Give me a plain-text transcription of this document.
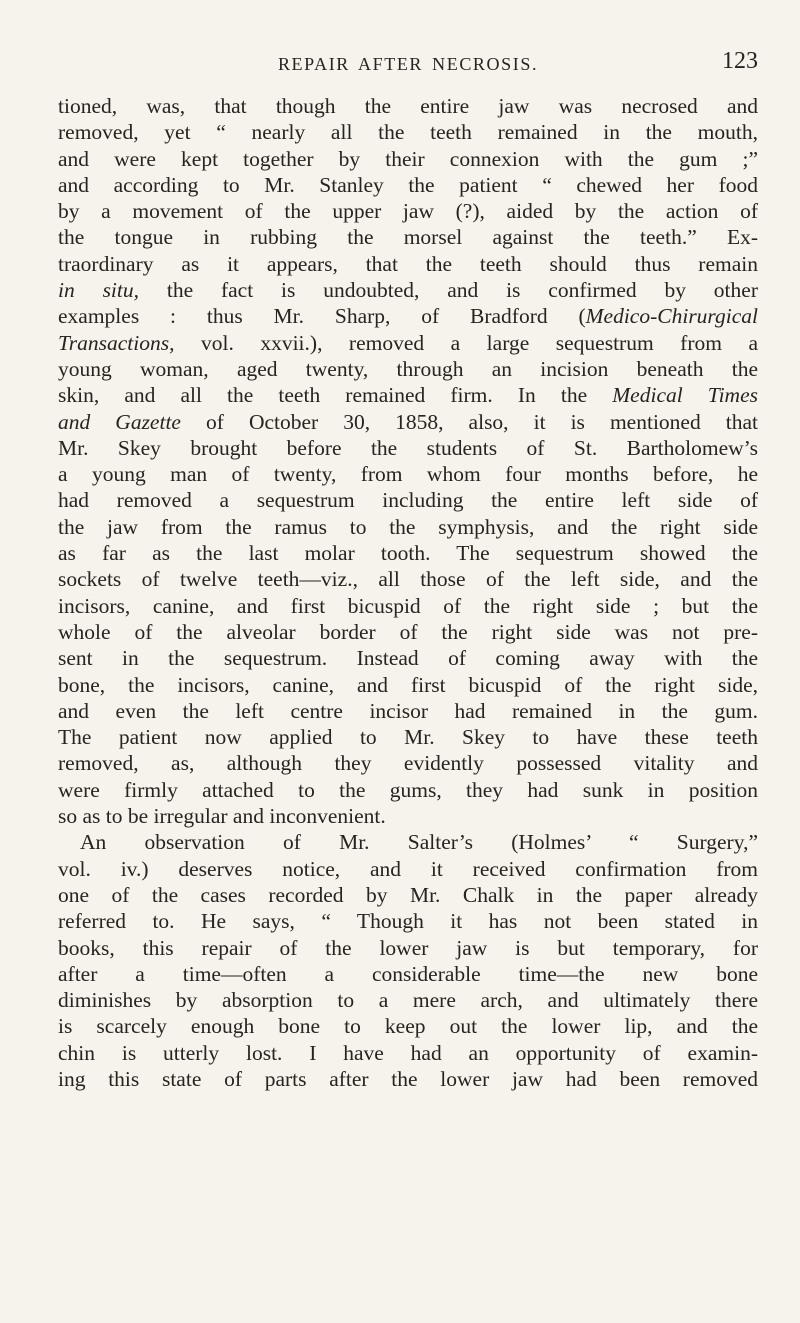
REPAIR AFTER NECROSIS.	123
tioned, was, that though the entire jaw was necrosed and
removed, yet “ nearly all the teeth remained in the mouth,
and were kept together by their connexion with the gum ;”
and according to Mr. Stanley the patient “ chewed her food
by a movement of the upper jaw (?), aided by the action of
the tongue in rubbing the morsel against the teeth.” Ex-
traordinary as it appears, that the teeth should thus remain
in situ, the fact is undoubted, and is confirmed by other
examples : thus Mr. Sharp, of Bradford (Medico-Chirurgical
Transactions, vol. xxvii.), removed a large sequestrum from a
young woman, aged twenty, through an incision beneath the
skin, and all the teeth remained firm. In the Medical Times
and Gazette of October 30, 1858, also, it is mentioned that
Mr. Skey brought before the students of St. Bartholomew’s
a young man of twenty, from whom four months before, he
had removed a sequestrum including the entire left side of
the jaw from the ramus to the symphysis, and the right side
as far as the last molar tooth. The sequestrum showed the
sockets of twelve teeth—viz., all those of the left side, and the
incisors, canine, and first bicuspid of the right side ; but the
whole of the alveolar border of the right side was not pre-
sent in the sequestrum. Instead of coming away with the
bone, the incisors, canine, and first bicuspid of the right side,
and even the left centre incisor had remained in the gum.
The patient now applied to Mr. Skey to have these teeth
removed, as, although they evidently possessed vitality and
were firmly attached to the gums, they had sunk in position
so as to be irregular and inconvenient.
An observation of Mr. Salter’s (Holmes’ “ Surgery,”
vol. iv.) deserves notice, and it received confirmation from
one of the cases recorded by Mr. Chalk in the paper already
referred to. He says, “ Though it has not been stated in
books, this repair of the lower jaw is but temporary, for
after a time—often a considerable time—the new bone
diminishes by absorption to a mere arch, and ultimately there
is scarcely enough bone to keep out the lower lip, and the
chin is utterly lost. I have had an opportunity of examin-
ing this state of parts after the lower jaw had been removed
